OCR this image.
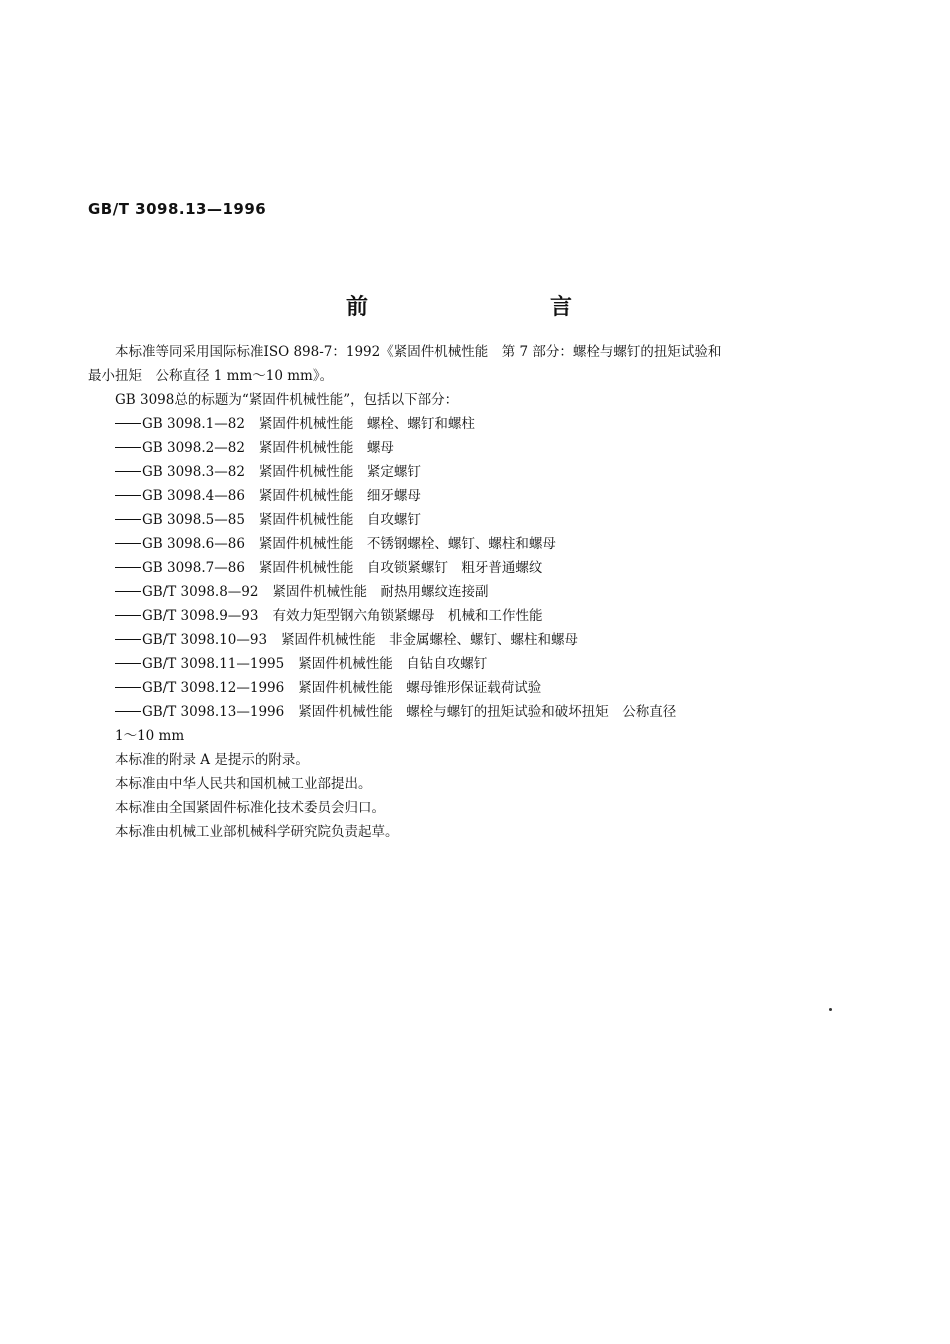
GB/T 3098.13—1996
前　　言

本标准等同采用国际标准ISO 898-7：1992《紧固件机械性能　第 7 部分：螺栓与螺钉的扭矩试验和

最小扭矩　公称直径 1 mm～10 mm》。

GB 3098总的标题为“紧固件机械性能”，包括以下部分：

GB 3098.1—82 紧固件机械性能　螺栓、螺钉和螺柱
GB 3098.2—82 紧固件机械性能　螺母
GB 3098.3—82 紧固件机械性能　紧定螺钉
GB 3098.4—86 紧固件机械性能　细牙螺母
GB 3098.5—85 紧固件机械性能　自攻螺钉
GB 3098.6—86 紧固件机械性能　不锈钢螺栓、螺钉、螺柱和螺母
GB 3098.7—86 紧固件机械性能　自攻锁紧螺钉　粗牙普通螺纹
GB/T 3098.8—92 紧固件机械性能　耐热用螺纹连接副
GB/T 3098.9—93 有效力矩型钢六角锁紧螺母　机械和工作性能
GB/T 3098.10—93 紧固件机械性能　非金属螺栓、螺钉、螺柱和螺母
GB/T 3098.11—1995 紧固件机械性能　自钻自攻螺钉
GB/T 3098.12—1996 紧固件机械性能　螺母锥形保证载荷试验
GB/T 3098.13—1996 紧固件机械性能　螺栓与螺钉的扭矩试验和破坏扭矩　公称直径
1～10 mm

本标准的附录 A 是提示的附录。

本标准由中华人民共和国机械工业部提出。

本标准由全国紧固件标准化技术委员会归口。

本标准由机械工业部机械科学研究院负责起草。
